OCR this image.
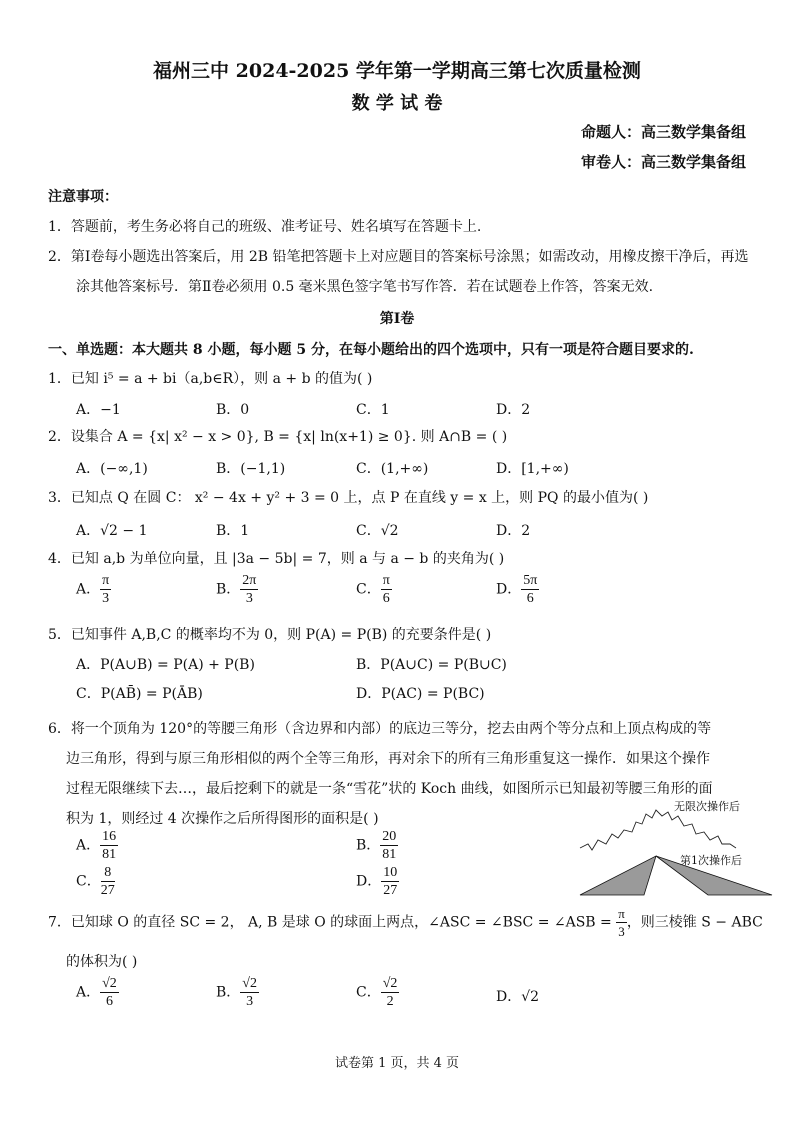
福州三中 2024-2025 学年第一学期高三第七次质量检测
数 学 试 卷
命题人：高三数学集备组
审卷人：高三数学集备组
注意事项：
1．答题前，考生务必将自己的班级、准考证号、姓名填写在答题卡上.
2．第Ⅰ卷每小题选出答案后，用 2B 铅笔把答题卡上对应题目的答案标号涂黑；如需改动，用橡皮擦干净后，再选
涂其他答案标号．第Ⅱ卷必须用 0.5 毫米黑色签字笔书写作答．若在试题卷上作答，答案无效.
第Ⅰ卷
一、单选题：本大题共 8 小题，每小题 5 分，在每小题给出的四个选项中，只有一项是符合题目要求的.
1．已知 i⁵ = a + bi（a,b∈R），则 a + b 的值为( )
A．−1	B．0	C．1	D．2
2．设集合 A = {x| x² − x > 0}, B = {x| ln(x+1) ≥ 0}. 则 A∩B = ( )
A．(−∞,1)	B．(−1,1)	C．(1,+∞)	D．[1,+∞)
3．已知点 Q 在圆 C： x² − 4x + y² + 3 = 0 上，点 P 在直线 y = x 上，则 PQ 的最小值为( )
A．√2 − 1	B．1	C．√2	D．2
4．已知 a,b 为单位向量，且 |3a − 5b| = 7，则 a 与 a − b 的夹角为( )
A． $\frac{\pi}{3}$	B． $\frac{2\pi}{3}$	C． $\frac{\pi}{6}$	D． $\frac{5\pi}{6}$
5．已知事件 A,B,C 的概率均不为 0，则 P(A) = P(B) 的充要条件是( )
A．P(A∪B) = P(A) + P(B)	B．P(A∪C) = P(B∪C)
C．P(AB̄) = P(ĀB)	D．P(AC) = P(BC)
6．将一个顶角为 120°的等腰三角形（含边界和内部）的底边三等分，挖去由两个等分点和上顶点构成的等
边三角形，得到与原三角形相似的两个全等三角形，再对余下的所有三角形重复这一操作．如果这个操作
过程无限继续下去…，最后挖剩下的就是一条“雪花”状的 Koch 曲线，如图所示已知最初等腰三角形的面
积为 1，则经过 4 次操作之后所得图形的面积是( )
A． $\frac{16}{81}$	B． $\frac{20}{81}$
C． $\frac{8}{27}$	D． $\frac{10}{27}$
无限次操作后
第1次操作后
7．已知球 O 的直径 SC = 2， A, B 是球 O 的球面上两点，∠ASC = ∠BSC = ∠ASB = $\frac{\pi}{3}$ ，则三棱锥 S − ABC
的体积为( )
A． $\frac{√2}{6}$	B． $\frac{√2}{3}$	C． $\frac{√2}{2}$	D．√2
试卷第 1 页，共 4 页
